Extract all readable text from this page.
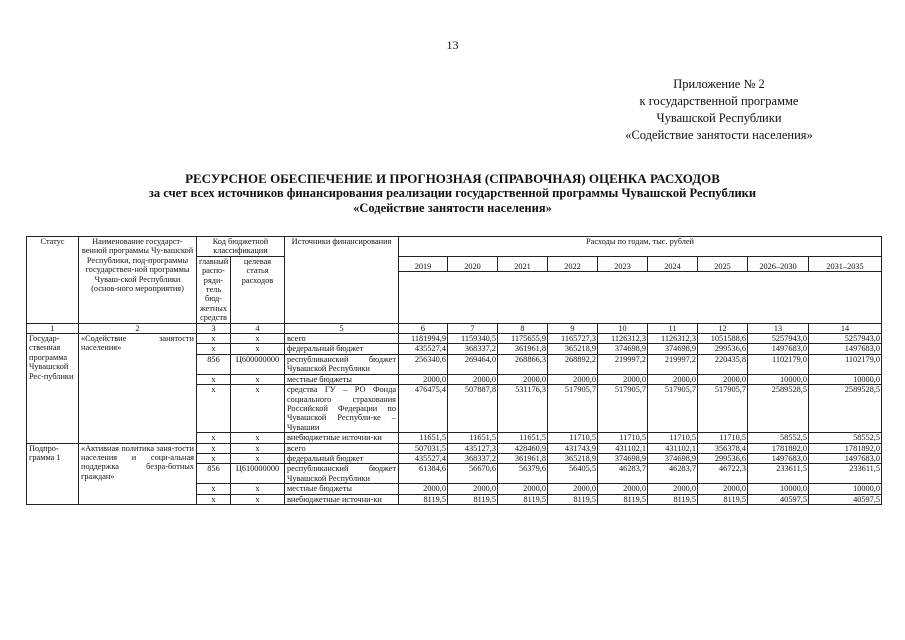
13
Приложение № 2
к государственной программе
Чувашской Республики
«Содействие занятости населения»
РЕСУРСНОЕ ОБЕСПЕЧЕНИЕ И ПРОГНОЗНАЯ (СПРАВОЧНАЯ) ОЦЕНКА РАСХОДОВ
за счет всех источников финансирования реализации государственной программы Чувашской Республики
«Содействие занятости населения»
Статус	Наименование государст-венной программы Чу-вашской Республики, под-программы государствен-ной программы Чуваш-ской Республики (основ-ного мероприятия)	Код бюджетной классификации		Источники финансирования	Расходы по годам, тыс. рублей								
		главный распо-ряди-тель бюд-жетных средств	целевая статья расходов		2019	2020	2021	2022	2023	2024	2025	2026–2030	2031–2035

1	2	3	4	5	6	7	8	9	10	11	12	13	14
Государ-ственная программа Чувашской Рес-публики	«Содействие занятости населения»	x	x	всего	1181994,9	1159340,5	1175655,9	1165727,3	1126312,3	1126312,3	1051588,6	5257943,0	5257943,0
		x	x	федеральный бюджет	435527,4	368337,2	361961,8	365218,9	374698,9	374698,9	299536,6	1497683,0	1497683,0
		856	Ц600000000	республиканский бюджет Чувашской Республики	256340,6	269464,0	268866,3	268892,2	219997,2	219997,2	220435,8	1102179,0	1102179,0
		x	x	местные бюджеты	2000,0	2000,0	2000,0	2000,0	2000,0	2000,0	2000,0	10000,0	10000,0
		x	x	средства ГУ – РО Фонда социального страхования Российской Федерации по Чувашской Республи-ке – Чувашии	476475,4	507887,8	531176,3	517905,7	517905,7	517905,7	517905,7	2589528,5	2589528,5
		x	x	внебюджетные источни-ки	11651,5	11651,5	11651,5	11710,5	11710,5	11710,5	11710,5	58552,5	58552,5
Подпро-грамма 1	«Активная политика заня-тости населения и соци-альная поддержка безра-ботных граждан»	x	x	всего	507031,5	435127,3	428460,9	431743,9	431102,1	431102,1	356378,4	1781892,0	1781892,0
		x	x	федеральный бюджет	435527,4	368337,2	361961,8	365218,9	374698,9	374698,9	299536,6	1497683,0	1497683,0
		856	Ц610000000	республиканский бюджет Чувашской Республики	61384,6	56670,6	56379,6	56405,5	46283,7	46283,7	46722,3	233611,5	233611,5
		x	x	местные бюджеты	2000,0	2000,0	2000,0	2000,0	2000,0	2000,0	2000,0	10000,0	10000,0
		x	x	внебюджетные источни-ки	8119,5	8119,5	8119,5	8119,5	8119,5	8119,5	8119,5	40597,5	40597,5
